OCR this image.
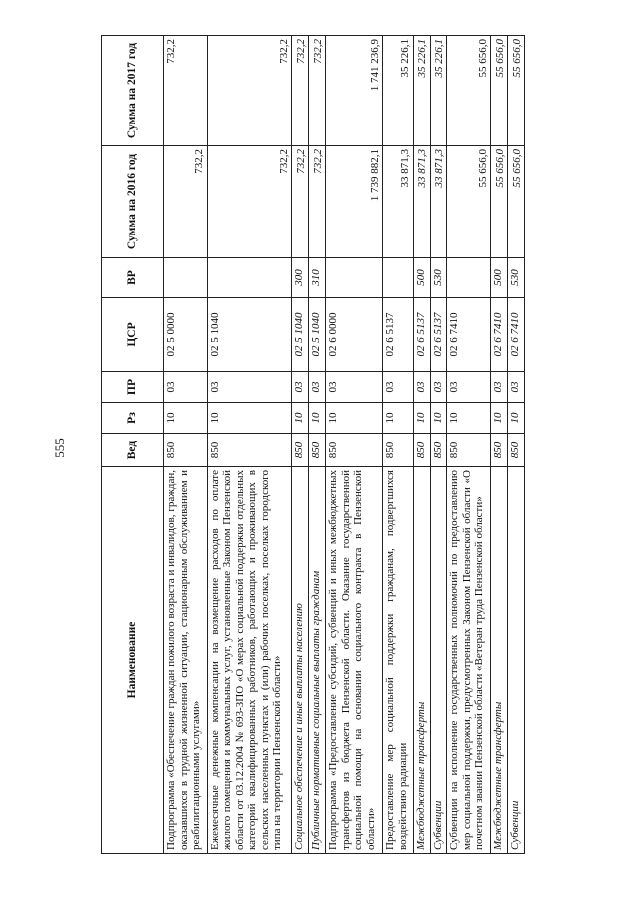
555
Наименование	Вед	Рз	ПР	ЦСР	ВР	Сумма на 2016 год	Сумма на 2017 год
Подпрограмма «Обеспечение граждан пожилого возраста и инвалидов, граждан, оказавшихся в трудной жизненной ситуации, стационарным обслуживанием и реабилитационными услугами»	850	10	03	02 5 0000		732,2	732,2
Ежемесячные денежные компенсации на возмещение расходов по оплате жилого помещения и коммунальных услуг, установленные Законом Пензенской области от 03.12.2004 № 693-ЗПО «О мерах социальной поддержки отдельных категорий квалифицированных работников, работающих и проживающих в сельских населенных пунктах и (или) рабочих поселках, поселках городского типа на территории Пензенской области»	850	10	03	02 5 1040		732,2	732,2
Социальное обеспечение и иные выплаты населению	850	10	03	02 5 1040	300	732,2	732,2
Публичные нормативные социальные выплаты гражданам	850	10	03	02 5 1040	310	732,2	732,2
Подпрограмма «Предоставление субсидий, субвенций и иных межбюджетных трансфертов из бюджета Пензенской области. Оказание государственной социальной помощи на основании социального контракта в Пензенской области»	850	10	03	02 6 0000		1 739 882,1	1 741 236,9
Предоставление мер социальной поддержки гражданам, подвергшихся воздействию радиации	850	10	03	02 6 5137		33 871,3	35 226,1
Межбюджетные трансферты	850	10	03	02 6 5137	500	33 871,3	35 226,1
Субвенции	850	10	03	02 6 5137	530	33 871,3	35 226,1
Субвенции на исполнение государственных полномочий по предоставлению мер социальной поддержки, предусмотренных Законом Пензенской области «О почетном звании Пензенской области «Ветеран труда Пензенской области»	850	10	03	02 6 7410		55 656,0	55 656,0
Межбюджетные трансферты	850	10	03	02 6 7410	500	55 656,0	55 656,0
Субвенции	850	10	03	02 6 7410	530	55 656,0	55 656,0
